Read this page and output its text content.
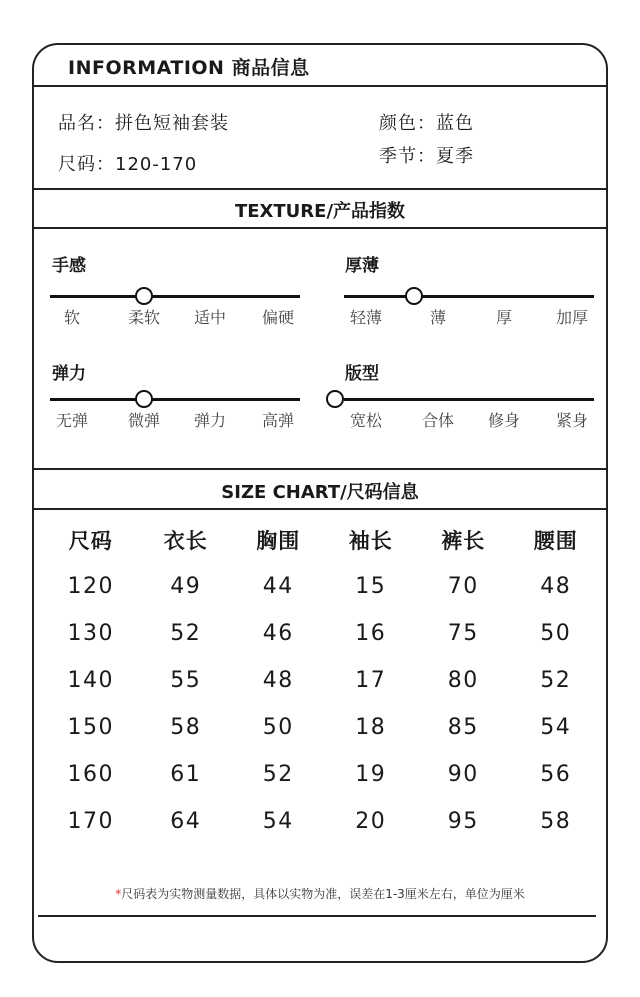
INFORMATION 商品信息
品名：拼色短袖套装	颜色：蓝色
尺码：120-170	季节：夏季
TEXTURE/产品指数
手感	厚薄
弹力	版型
软	柔软 适中 偏硬	轻薄	薄	厚	加厚
无弹 微弹 弹力 高弹	宽松 合体 修身 紧身
SIZE CHART/尺码信息
尺码	衣长	胸围	袖长	裤长	腰围
120	49	44	15	70	48
130	52	46	16	75	50
140	55	48	17	80	52
150	58	50	18	85	54
160	61	52	19	90	56
170	64	54	20	95	58
*尺码表为实物测量数据，具体以实物为准，误差在1-3厘米左右，单位为厘米
